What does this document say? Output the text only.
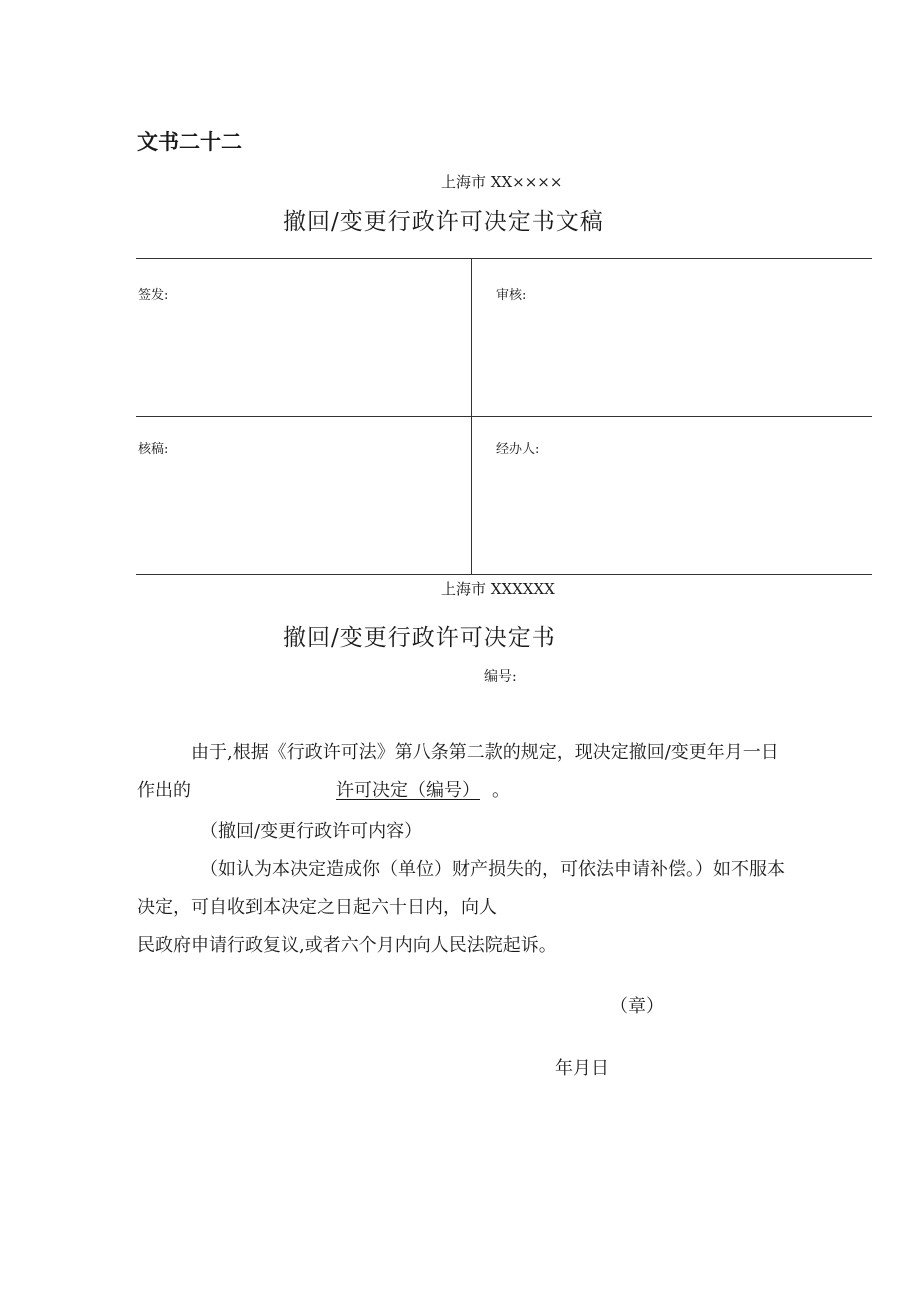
文书二十二
上海市 XX××××
撤回/变更行政许可决定书文稿
签发:	审核:
核稿:	经办人:
上海市 XXXXXX
撤回/变更行政许可决定书
编号:
由于,根据《行政许可法》第八条第二款的规定，现决定撤回/变更年月一日
作出的	许可决定（编号） 。
（撤回/变更行政许可内容）
（如认为本决定造成你（单位）财产损失的，可依法申请补偿。）如不服本
决定，可自收到本决定之日起六十日内，向人
民政府申请行政复议,或者六个月内向人民法院起诉。
（章）
年月日
